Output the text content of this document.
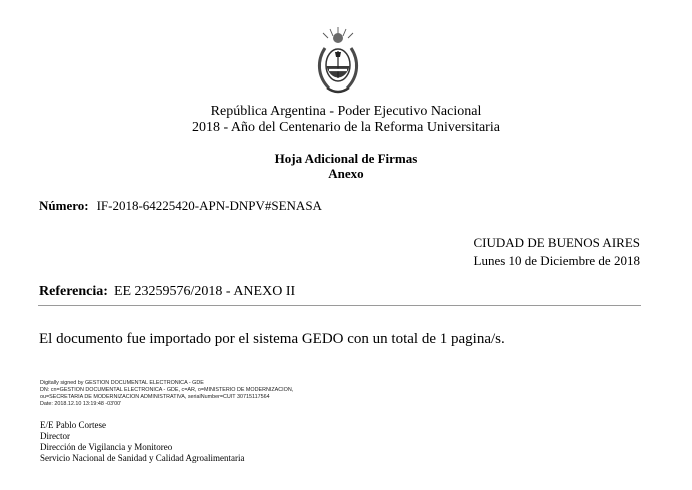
República Argentina - Poder Ejecutivo Nacional
2018 - Año del Centenario de la Reforma Universitaria
Hoja Adicional de Firmas
Anexo
Número: IF-2018-64225420-APN-DNPV#SENASA
CIUDAD DE BUENOS AIRES
Lunes 10 de Diciembre de 2018
Referencia: EE 23259576/2018 - ANEXO II
El documento fue importado por el sistema GEDO con un total de 1 pagina/s.
Digitally signed by GESTION DOCUMENTAL ELECTRONICA - GDE
DN: cn=GESTION DOCUMENTAL ELECTRONICA - GDE, c=AR, o=MINISTERIO DE MODERNIZACION,
ou=SECRETARIA DE MODERNIZACION ADMINISTRATIVA, serialNumber=CUIT 30715117564
Date: 2018.12.10 13:19:48 -03'00'
E/E Pablo Cortese
Director
Dirección de Vigilancia y Monitoreo
Servicio Nacional de Sanidad y Calidad Agroalimentaria
